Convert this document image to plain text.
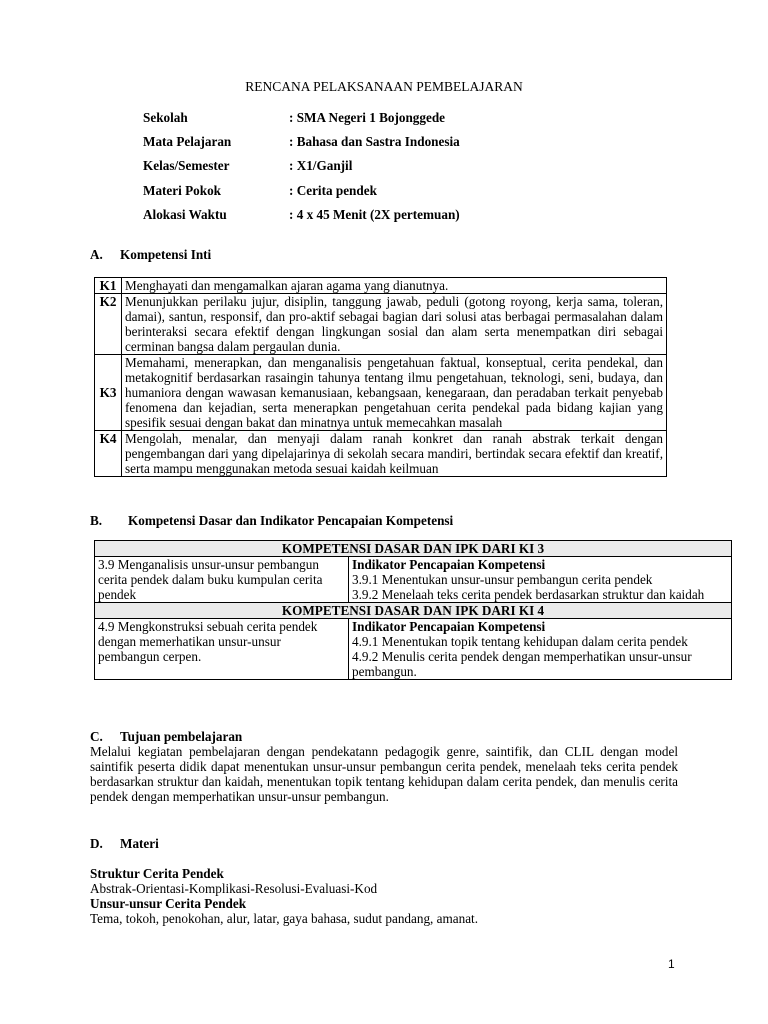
RENCANA PELAKSANAAN PEMBELAJARAN
Sekolah	: SMA Negeri 1 Bojonggede
Mata Pelajaran	: Bahasa dan Sastra Indonesia
Kelas/Semester	: X1/Ganjil
Materi Pokok	: Cerita pendek
Alokasi Waktu	: 4 x 45 Menit (2X pertemuan)
A. Kompetensi Inti
K1	Menghayati dan mengamalkan ajaran agama yang dianutnya.
K2	Menunjukkan perilaku jujur, disiplin, tanggung jawab, peduli (gotong royong, kerja sama, toleran, damai), santun, responsif, dan pro-aktif sebagai bagian dari solusi atas berbagai permasalahan dalam berinteraksi secara efektif dengan lingkungan sosial dan alam serta menempatkan diri sebagai cerminan bangsa dalam pergaulan dunia.
K3	Memahami, menerapkan, dan menganalisis pengetahuan faktual, konseptual, cerita pendekal, dan metakognitif berdasarkan rasaingin tahunya tentang ilmu pengetahuan, teknologi, seni, budaya, dan humaniora dengan wawasan kemanusiaan, kebangsaan, kenegaraan, dan peradaban terkait penyebab fenomena dan kejadian, serta menerapkan pengetahuan cerita pendekal pada bidang kajian yang spesifik sesuai dengan bakat dan minatnya untuk memecahkan masalah
K4	Mengolah, menalar, dan menyaji dalam ranah konkret dan ranah abstrak terkait dengan pengembangan dari yang dipelajarinya di sekolah secara mandiri, bertindak secara efektif dan kreatif, serta mampu menggunakan metoda sesuai kaidah keilmuan
B. Kompetensi Dasar dan Indikator Pencapaian Kompetensi
KOMPETENSI DASAR DAN IPK DARI KI 3	
3.9 Menganalisis unsur-unsur pembangun cerita pendek dalam buku kumpulan cerita pendek	Indikator Pencapaian Kompetensi
3.9.1 Menentukan unsur-unsur pembangun cerita pendek
3.9.2 Menelaah teks cerita pendek berdasarkan struktur dan kaidah

KOMPETENSI DASAR DAN IPK DARI KI 4	
4.9 Mengkonstruksi sebuah cerita pendek dengan memerhatikan unsur-unsur pembangun cerpen.	Indikator Pencapaian Kompetensi
4.9.1 Menentukan topik tentang kehidupan dalam cerita pendek
4.9.2 Menulis cerita pendek dengan memperhatikan unsur-unsur pembangun.
C. Tujuan pembelajaran
Melalui kegiatan pembelajaran dengan pendekatann pedagogik genre, saintifik, dan CLIL dengan model saintifik peserta didik dapat menentukan unsur-unsur pembangun cerita pendek, menelaah teks cerita pendek berdasarkan struktur dan kaidah, menentukan topik tentang kehidupan dalam cerita pendek, dan menulis cerita pendek dengan memperhatikan unsur-unsur pembangun.
D. Materi
Struktur Cerita Pendek
Abstrak-Orientasi-Komplikasi-Resolusi-Evaluasi-Kod
Unsur-unsur Cerita Pendek
Tema, tokoh, penokohan, alur, latar, gaya bahasa, sudut pandang, amanat.
1
